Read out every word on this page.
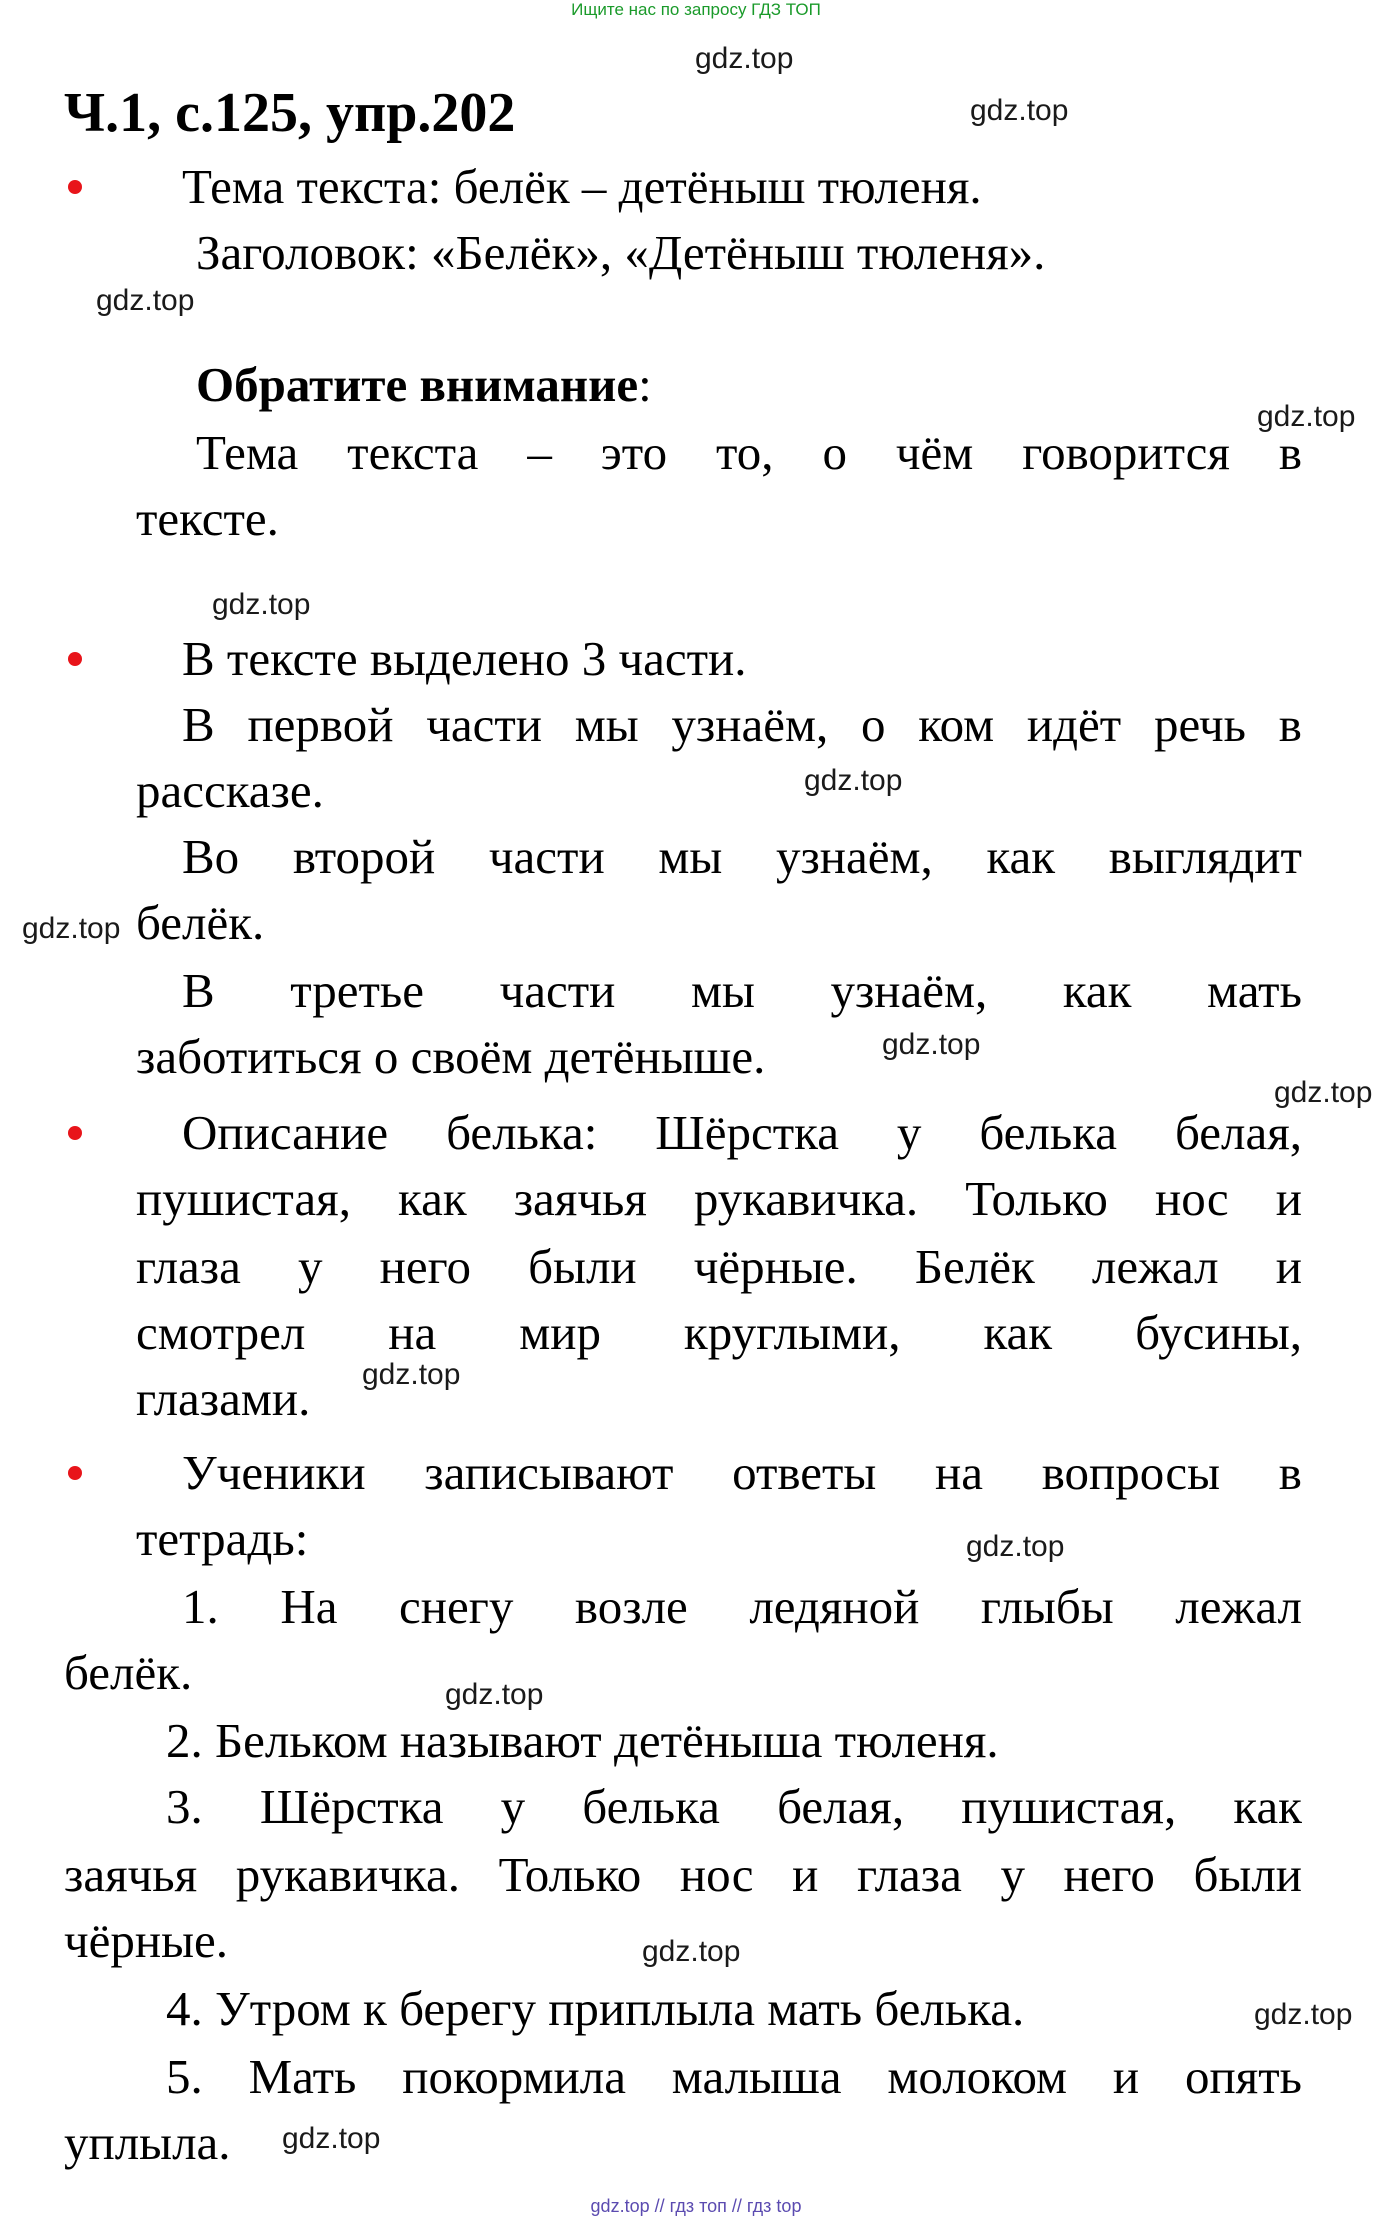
Ищите нас по запросу ГДЗ ТОП
gdz.top // гдз топ // гдз top
gdz.top
gdz.top
gdz.top
gdz.top
gdz.top
gdz.top
gdz.top
gdz.top
gdz.top
gdz.top
gdz.top
gdz.top
gdz.top
gdz.top
gdz.top
Ч.1, с.125, упр.202
Тема текста: белёк – детёныш тюленя.
Заголовок: «Белёк», «Детёныш тюленя».
Обратите внимание:
Тема текста – это то, о чём говорится в
тексте.
В тексте выделено 3 части.
В первой части мы узнаём, о ком идёт речь в
рассказе.
Во второй части мы узнаём, как выглядит
белёк.
В третье части мы узнаём, как мать
заботиться о своём детёныше.
Описание белька: Шёрстка у белька белая,
пушистая, как заячья рукавичка. Только нос и
глаза у него были чёрные. Белёк лежал и
смотрел на мир круглыми, как бусины,
глазами.
Ученики записывают ответы на вопросы в
тетрадь:
1. На снегу возле ледяной глыбы лежал
белёк.
2. Бельком называют детёныша тюленя.
3. Шёрстка у белька белая, пушистая, как
заячья рукавичка. Только нос и глаза у него были
чёрные.
4. Утром к берегу приплыла мать белька.
5. Мать покормила малыша молоком и опять
уплыла.
